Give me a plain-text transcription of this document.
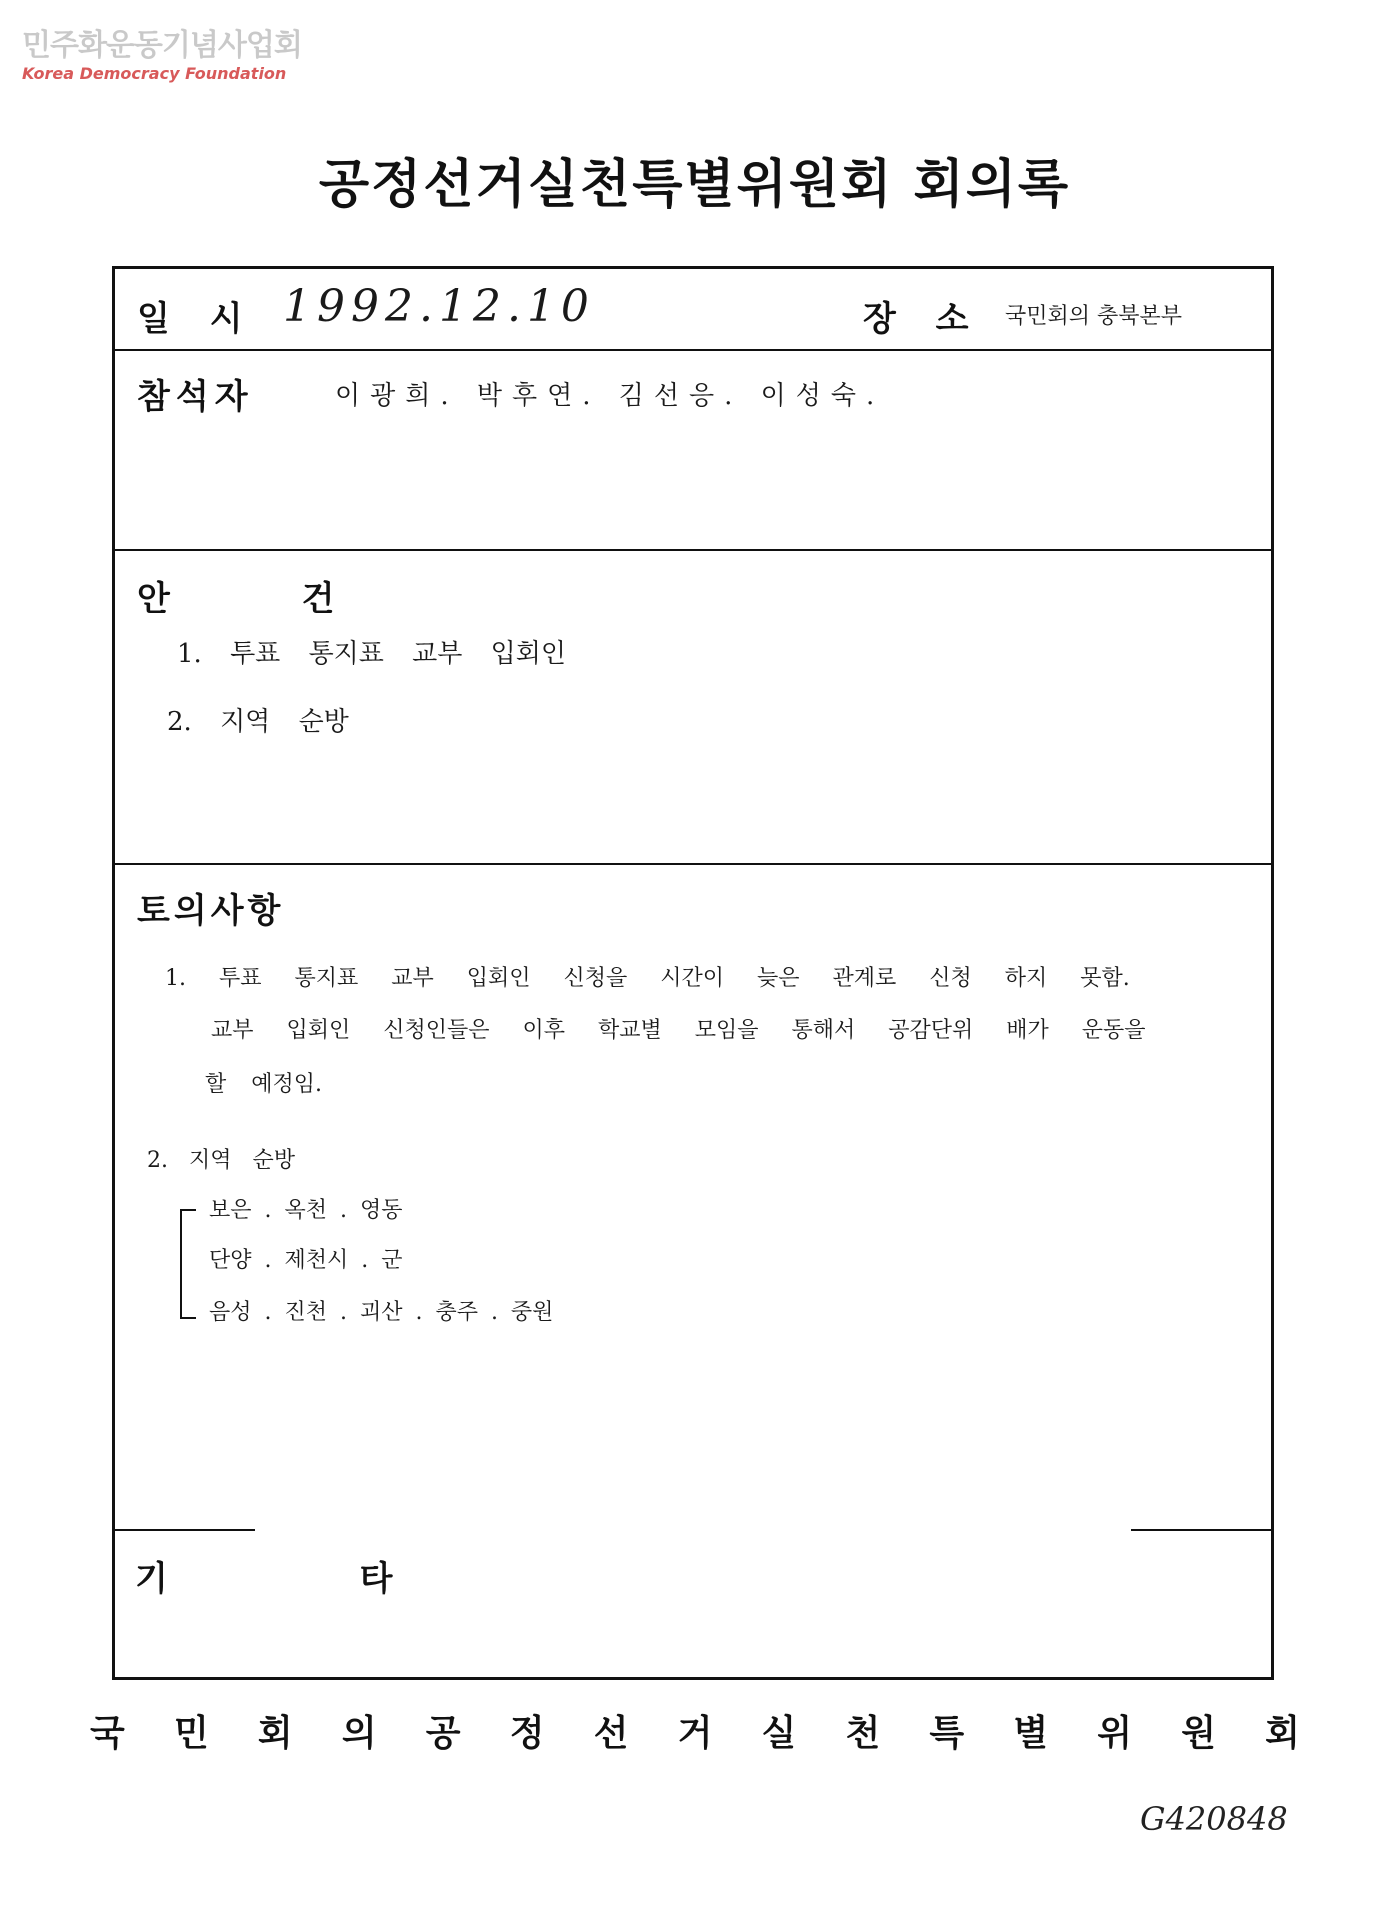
민주화운동기념사업회
Korea Democracy Foundation
공정선거실천특별위원회 회의록
일 시 1992.12.10	장 소 국민회의 충북본부
참석자	이광희. 박후연. 김선응. 이성숙.
안 건
1. 투표 통지표 교부 입회인
2. 지역 순방
토의사항
1. 투표 통지표 교부 입회인 신청을 시간이 늦은 관계로 신청 하지 못함.
교부 입회인 신청인들은 이후 학교별 모임을 통해서 공감단위 배가 운동을
할 예정임.
2. 지역 순방
보은 . 옥천 . 영동
단양 . 제천시 . 군
음성 . 진천 . 괴산 . 충주 . 중원
기 타
국 민 회 의 공 정 선 거 실 천 특 별 위 원 회
G420848
